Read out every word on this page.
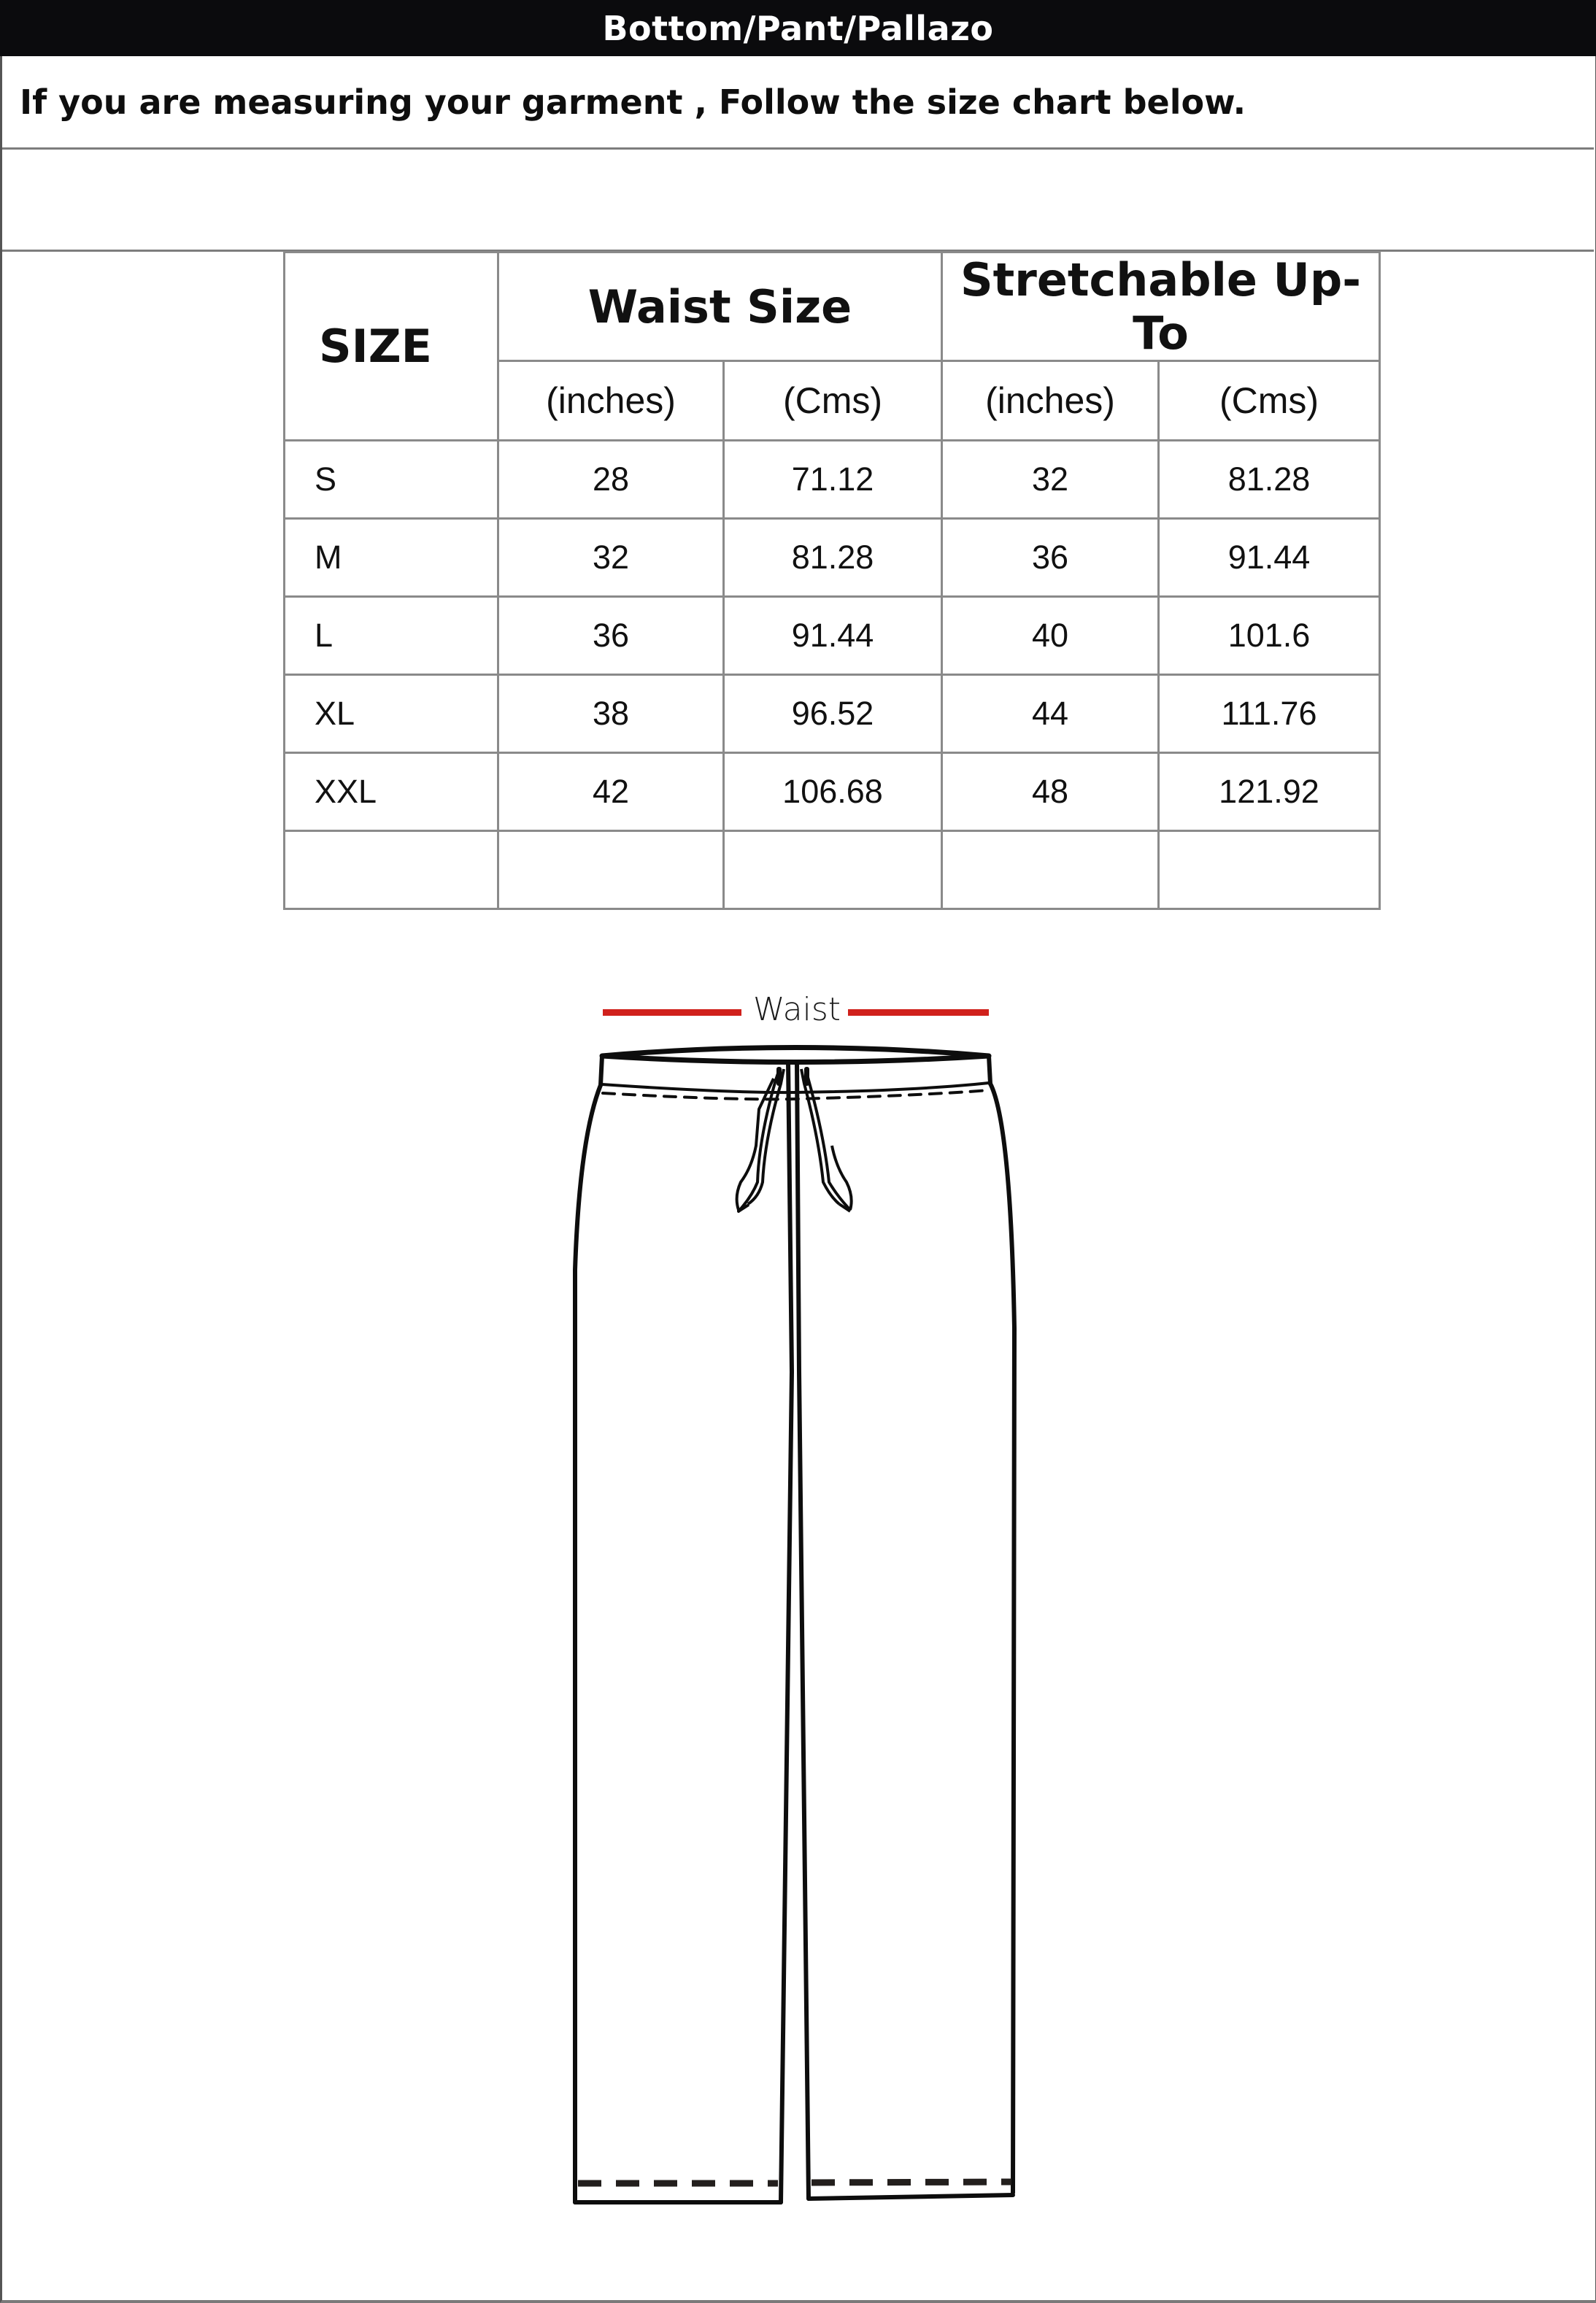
Bottom/Pant/Pallazo
If you are measuring your garment , Follow the size chart below.
SIZE	Waist Size		Stretchable Up-To	
	(inches)	(Cms)	(inches)	(Cms)
S	28	71.12	32	81.28
M	32	81.28	36	91.44
L	36	91.44	40	101.6
XL	38	96.52	44	111.76
XXL	42	106.68	48	121.92

Waist
